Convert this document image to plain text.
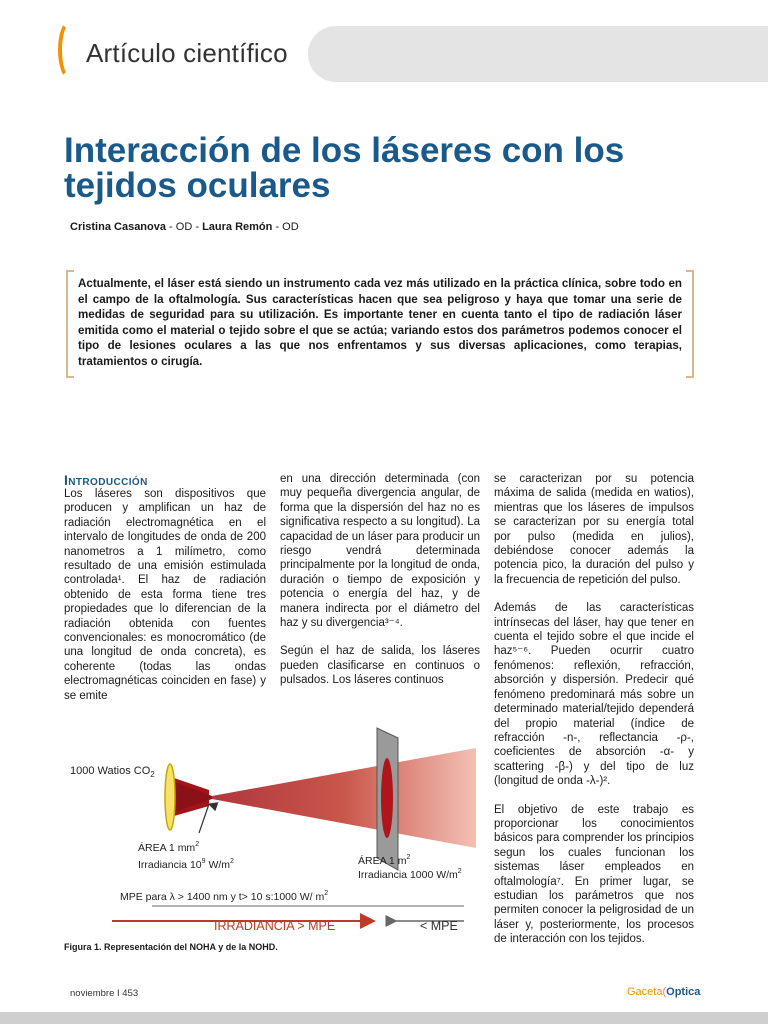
Artículo científico
Interacción de los láseres con los tejidos oculares
Cristina Casanova - OD - Laura Remón - OD
Actualmente, el láser está siendo un instrumento cada vez más utilizado en la práctica clínica, sobre todo en el campo de la oftalmología. Sus características hacen que sea peligroso y haya que tomar una serie de medidas de seguridad para su utilización. Es importante tener en cuenta tanto el tipo de radiación láser emitida como el material o tejido sobre el que se actúa; variando estos dos parámetros podemos conocer el tipo de lesiones oculares a las que nos enfrentamos y sus diversas aplicaciones, como terapias, tratamientos o cirugía.
Introducción

Los láseres son dispositivos que producen y amplifican un haz de radiación electromagnética en el intervalo de longitudes de onda de 200 nanometros a 1 milímetro, como resultado de una emisión estimulada controlada¹. El haz de radiación obtenido de esta forma tiene tres propiedades que lo diferencian de la radiación obtenida con fuentes convencionales: es monocromático (de una longitud de onda concreta), es coherente (todas las ondas electromagnéticas coinciden en fase) y se emite

en una dirección determinada (con muy pequeña divergencia angular, de forma que la dispersión del haz no es significativa respecto a su longitud). La capacidad de un láser para producir un riesgo vendrá determinada principalmente por la longitud de onda, duración o tiempo de exposición y potencia o energía del haz, y de manera indirecta por el diámetro del haz y su divergencia³⁻⁴.

Según el haz de salida, los láseres pueden clasificarse en continuos o pulsados. Los láseres continuos

se caracterizan por su potencia máxima de salida (medida en watios), mientras que los láseres de impulsos se caracterizan por su energía total por pulso (medida en julios), debiéndose conocer además la potencia pico, la duración del pulso y la frecuencia de repetición del pulso.

Además de las características intrínsecas del láser, hay que tener en cuenta el tejido sobre el que incide el haz⁵⁻⁶. Pueden ocurrir cuatro fenómenos: reflexión, refracción, absorción y dispersión. Predecir qué fenómeno predominará más sobre un determinado material/tejido dependerá del propio material (índice de refracción -n-, reflectancia -ρ-, coeficientes de absorción -α- y scattering -β-) y del tipo de luz (longitud de onda -λ-)².

El objetivo de este trabajo es proporcionar los conocimientos básicos para comprender los principios segun los cuales funcionan los sistemas láser empleados en oftalmología⁷. En primer lugar, se estudian los parámetros que nos permiten conocer la peligrosidad de un láser y, posteriormente, los procesos de interacción con los tejidos.

1000 Watios $CO_2$
ÁREA 1 $mm^2$
Irradiancia $10^9$ $W/m^2$	ÁREA 1 $m^2$
Irradiancia 1000 $W/m^2$
MPE para λ > 1400 nm y t> 10 s:1000 W/ $m^2$
IRRADIANCIA > MPE	< MPE
Figura 1. Representación del NOHA y de la NOHD.
noviembre I 453	Gaceta(Optica
